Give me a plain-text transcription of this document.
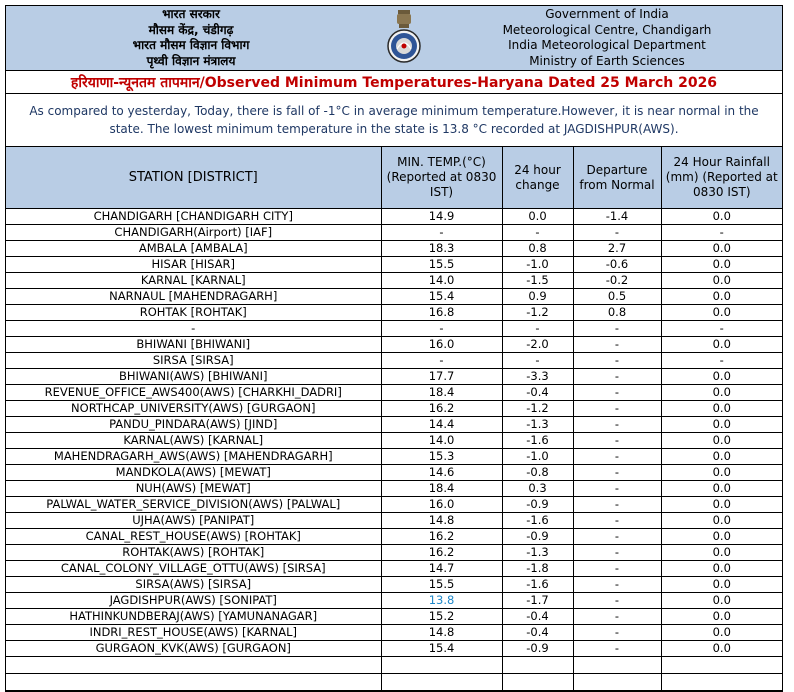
भारत सरकार
मौसम केंद्र, चंडीगढ़
भारत मौसम विज्ञान विभाग
पृथ्वी विज्ञान मंत्रालय
Government of India
Meteorological Centre, Chandigarh
India Meteorological Department
Ministry of Earth Sciences
हरियाणा-न्यूनतम तापमान/Observed Minimum Temperatures-Haryana Dated 25 March 2026
As compared to yesterday, Today, there is fall of -1°C in average minimum temperature.However, it is near normal in the state. The lowest minimum temperature in the state is 13.8 °C recorded at JAGDISHPUR(AWS).
STATION [DISTRICT]	MIN. TEMP.(°C) (Reported at 0830 IST)	24 hour change	Departure from Normal	24 Hour Rainfall (mm) (Reported at 0830 IST)
CHANDIGARH [CHANDIGARH CITY]	14.9	0.0	-1.4	0.0
CHANDIGARH(Airport) [IAF]	-	-	-	-
AMBALA [AMBALA]	18.3	0.8	2.7	0.0
HISAR [HISAR]	15.5	-1.0	-0.6	0.0
KARNAL [KARNAL]	14.0	-1.5	-0.2	0.0
NARNAUL [MAHENDRAGARH]	15.4	0.9	0.5	0.0
ROHTAK [ROHTAK]	16.8	-1.2	0.8	0.0
-	-	-	-	-
BHIWANI [BHIWANI]	16.0	-2.0	-	0.0
SIRSA [SIRSA]	-	-	-	-
BHIWANI(AWS) [BHIWANI]	17.7	-3.3	-	0.0
REVENUE_OFFICE_AWS400(AWS) [CHARKHI_DADRI]	18.4	-0.4	-	0.0
NORTHCAP_UNIVERSITY(AWS) [GURGAON]	16.2	-1.2	-	0.0
PANDU_PINDARA(AWS) [JIND]	14.4	-1.3	-	0.0
KARNAL(AWS) [KARNAL]	14.0	-1.6	-	0.0
MAHENDRAGARH_AWS(AWS) [MAHENDRAGARH]	15.3	-1.0	-	0.0
MANDKOLA(AWS) [MEWAT]	14.6	-0.8	-	0.0
NUH(AWS) [MEWAT]	18.4	0.3	-	0.0
PALWAL_WATER_SERVICE_DIVISION(AWS) [PALWAL]	16.0	-0.9	-	0.0
UJHA(AWS) [PANIPAT]	14.8	-1.6	-	0.0
CANAL_REST_HOUSE(AWS) [ROHTAK]	16.2	-0.9	-	0.0
ROHTAK(AWS) [ROHTAK]	16.2	-1.3	-	0.0
CANAL_COLONY_VILLAGE_OTTU(AWS) [SIRSA]	14.7	-1.8	-	0.0
SIRSA(AWS) [SIRSA]	15.5	-1.6	-	0.0
JAGDISHPUR(AWS) [SONIPAT]	13.8	-1.7	-	0.0
HATHINKUNDBERAJ(AWS) [YAMUNANAGAR]	15.2	-0.4	-	0.0
INDRI_REST_HOUSE(AWS) [KARNAL]	14.8	-0.4	-	0.0
GURGAON_KVK(AWS) [GURGAON]	15.4	-0.9	-	0.0
